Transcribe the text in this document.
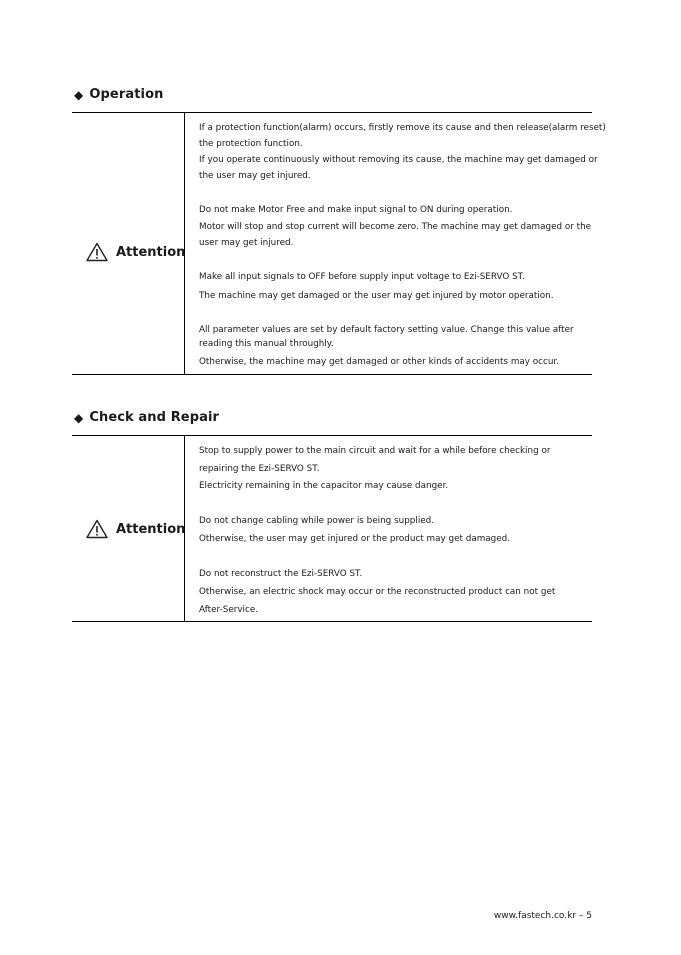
◆ Operation
Attention
If a protection function(alarm) occurs, firstly remove its cause and then release(alarm reset)
the protection function.
If you operate continuously without removing its cause, the machine may get damaged or
the user may get injured.
Do not make Motor Free and make input signal to ON during operation.
Motor will stop and stop current will become zero. The machine may get damaged or the
user may get injured.
Make all input signals to OFF before supply input voltage to Ezi-SERVO ST.
The machine may get damaged or the user may get injured by motor operation.
All parameter values are set by default factory setting value. Change this value after
reading this manual throughly.
Otherwise, the machine may get damaged or other kinds of accidents may occur.
◆ Check and Repair
Attention
Stop to supply power to the main circuit and wait for a while before checking or
repairing the Ezi-SERVO ST.
Electricity remaining in the capacitor may cause danger.
Do not change cabling while power is being supplied.
Otherwise, the user may get injured or the product may get damaged.
Do not reconstruct the Ezi-SERVO ST.
Otherwise, an electric shock may occur or the reconstructed product can not get
After-Service.
www.fastech.co.kr – 5
